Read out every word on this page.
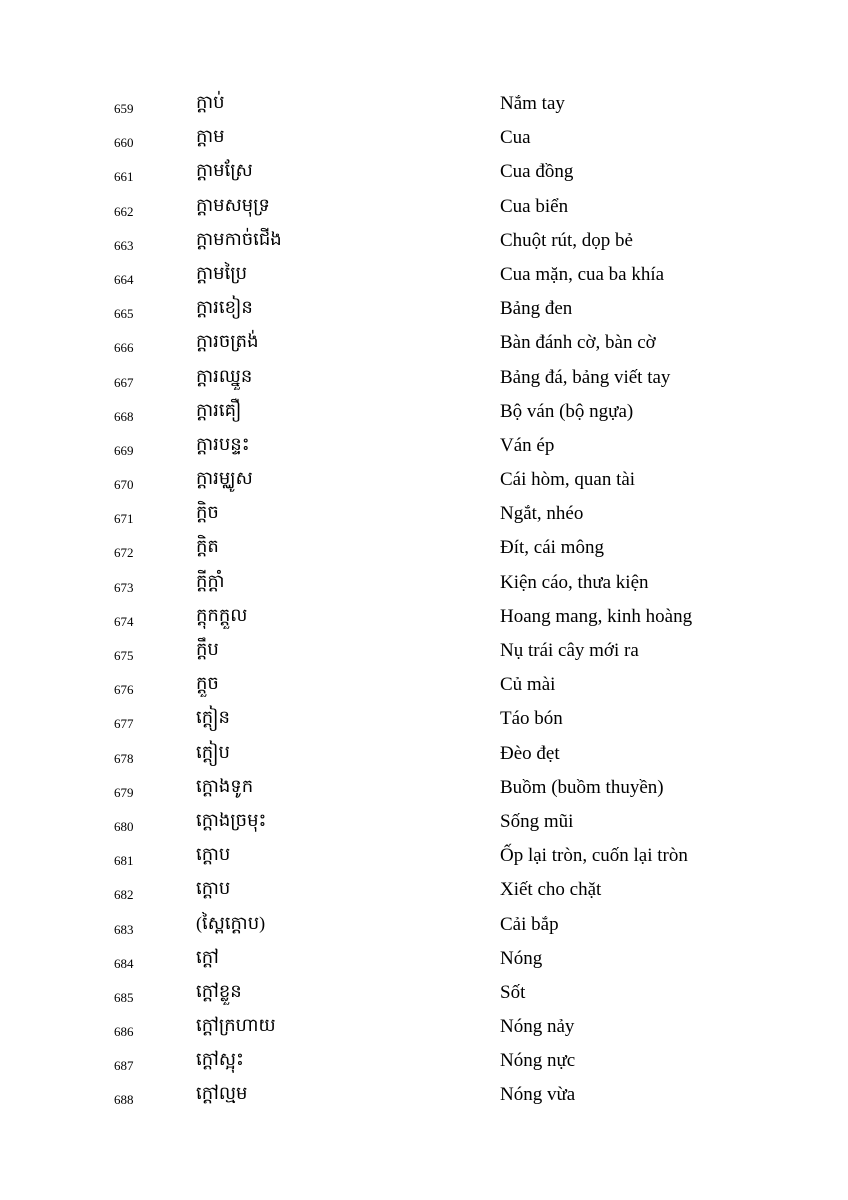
659	ក្ដាប់	Nắm tay
660	ក្ដាម	Cua
661	ក្ដាមស្រែ	Cua đồng
662	ក្ដាមសមុទ្រ	Cua biển
663	ក្ដាមកាច់ជើង	Chuột rút, dọp bẻ
664	ក្ដាមប្រៃ	Cua mặn, cua ba khía
665	ក្ដារខៀន	Bảng đen
666	ក្ដារចត្រង់	Bàn đánh cờ, bàn cờ
667	ក្ដារឈ្នួន	Bảng đá, bảng viết tay
668	ក្ដារគឿ	Bộ ván (bộ ngựa)
669	ក្ដារបន្ទះ	Ván ép
670	ក្ដារម្ឈូស	Cái hòm, quan tài
671	ក្ដិច	Ngắt, nhéo
672	ក្ដិត	Đít, cái mông
673	ក្ដីក្ដាំ	Kiện cáo, thưa kiện
674	ក្ដុកក្ដួល	Hoang mang, kinh hoàng
675	ក្ដឹប	Nụ trái cây mới ra
676	ក្ដួច	Củ mài
677	ក្ដៀន	Táo bón
678	ក្ដៀប	Đèo đẹt
679	ក្ដោងទូក	Buồm (buồm thuyền)
680	ក្ដោងច្រមុះ	Sống mũi
681	ក្ដោប	Ốp lại tròn, cuốn lại tròn
682	ក្ដោប	Xiết cho chặt
683	(ស្ពៃក្ដោប)	Cải bắp
684	ក្ដៅ	Nóng
685	ក្ដៅខ្លួន	Sốt
686	ក្ដៅក្រហាយ	Nóng nảy
687	ក្ដៅស្អុះ	Nóng nực
688	ក្ដៅល្មម	Nóng vừa
